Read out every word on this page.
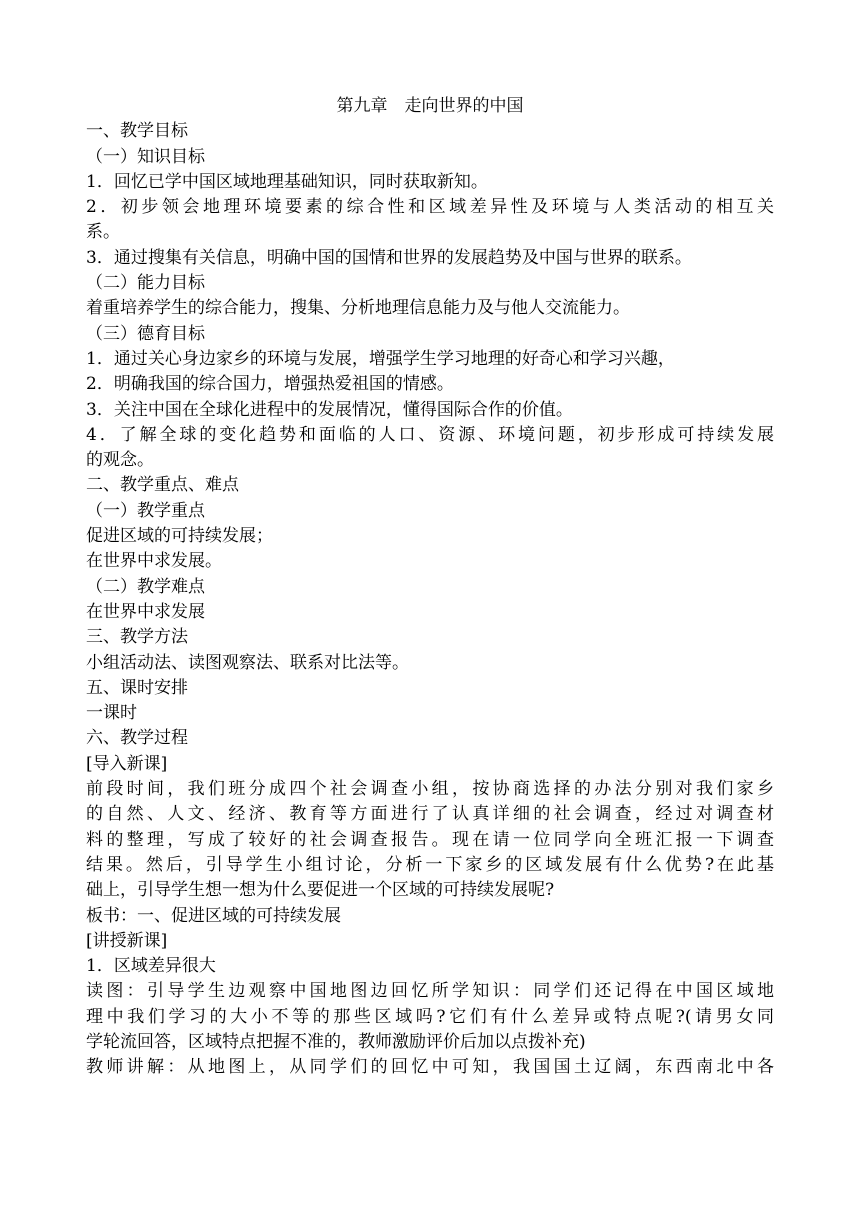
第九章　走向世界的中国
一、教学目标
（一）知识目标
1．回忆已学中国区域地理基础知识，同时获取新知。
2．初步领会地理环境要素的综合性和区域差异性及环境与人类活动的相互关
系。
3．通过搜集有关信息，明确中国的国情和世界的发展趋势及中国与世界的联系。
（二）能力目标
着重培养学生的综合能力，搜集、分析地理信息能力及与他人交流能力。
（三）德育目标
1．通过关心身边家乡的环境与发展，增强学生学习地理的好奇心和学习兴趣，
2．明确我国的综合国力，增强热爱祖国的情感。
3．关注中国在全球化进程中的发展情况，懂得国际合作的价值。
4．了解全球的变化趋势和面临的人口、资源、环境问题，初步形成可持续发展
的观念。
二、教学重点、难点
（一）教学重点
促进区域的可持续发展；
在世界中求发展。
（二）教学难点
在世界中求发展
三、教学方法
小组活动法、读图观察法、联系对比法等。
五、课时安排
一课时
六、教学过程
[导入新课]
前段时间，我们班分成四个社会调查小组，按协商选择的办法分别对我们家乡
的自然、人文、经济、教育等方面进行了认真详细的社会调查，经过对调查材
料的整理，写成了较好的社会调查报告。现在请一位同学向全班汇报一下调查
结果。然后，引导学生小组讨论，分析一下家乡的区域发展有什么优势?在此基
础上，引导学生想一想为什么要促进一个区域的可持续发展呢?
板书：一、促进区域的可持续发展
[讲授新课]
1．区域差异很大
读图：引导学生边观察中国地图边回忆所学知识：同学们还记得在中国区域地
理中我们学习的大小不等的那些区域吗?它们有什么差异或特点呢?(请男女同
学轮流回答，区域特点把握不准的，教师激励评价后加以点拨补充)
教师讲解：从地图上，从同学们的回忆中可知，我国国土辽阔，东西南北中各
